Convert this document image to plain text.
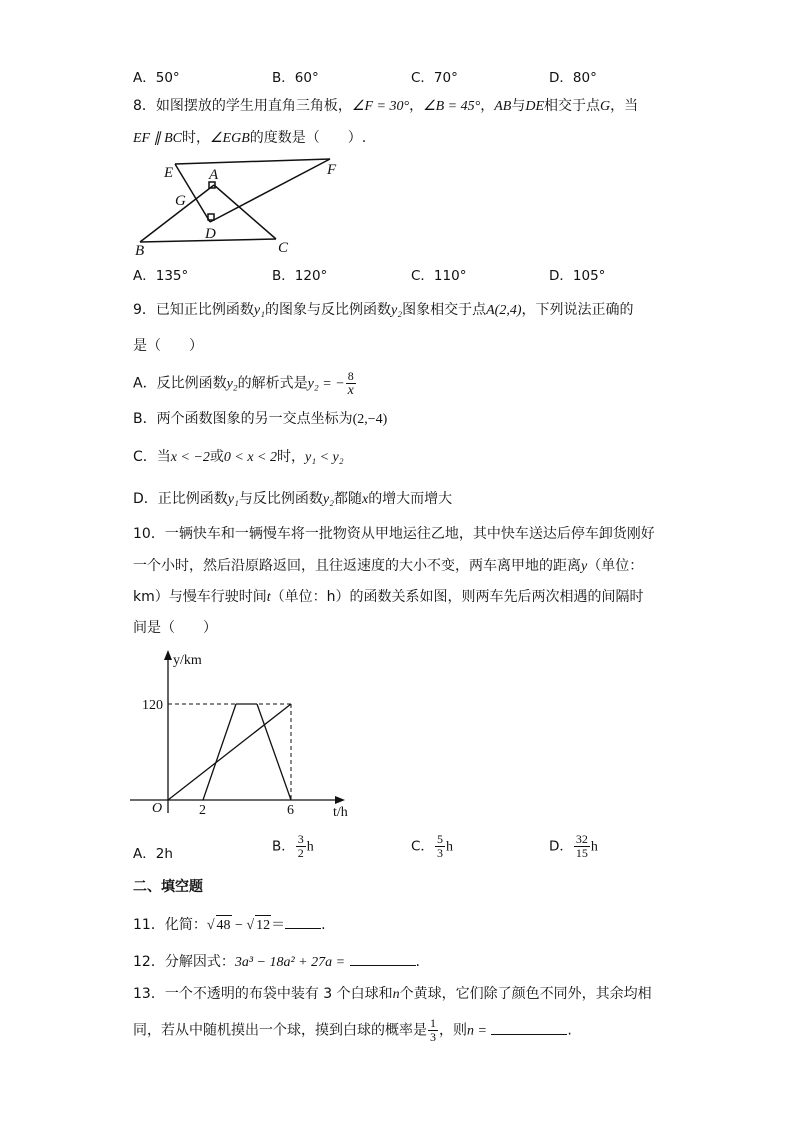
A．50°	B．60°	C．70°	D．80°
8．如图摆放的学生用直角三角板，∠F = 30°，∠B = 45°，AB与DE相交于点G，当
EF ∥ BC时，∠EGB的度数是（　　）.
E A	F
G
D
B	C
A．135°	B．120°	C．110°	D．105°
9．已知正比例函数y₁的图象与反比例函数y₂图象相交于点A(2,4)，下列说法正确的
是（　　）
A．反比例函数y₂的解析式是y₂ = − $\frac{8}{x}$
B．两个函数图象的另一交点坐标为(2,−4)
C．当x < −2或0 < x < 2时，y₁ < y₂
D．正比例函数y₁与反比例函数y₂都随x的增大而增大
10．一辆快车和一辆慢车将一批物资从甲地运往乙地，其中快车送达后停车卸货刚好
一个小时，然后沿原路返回，且往返速度的大小不变，两车离甲地的距离y（单位：
km）与慢车行驶时间t（单位：h）的函数关系如图，则两车先后两次相遇的间隔时
间是（　　）
y/km
120
O	2	6	t/h
A．2h	B． $\frac{3}{2}$ h	C． $\frac{5}{3}$ h	D． $\frac{32}{15}$ h
二、填空题
11．化简：√ 48 − √ 12＝	.
12．分解因式：3a³ − 18a² + 27a =	.
13．一个不透明的布袋中装有 3 个白球和n个黄球，它们除了颜色不同外，其余均相
同，若从中随机摸出一个球，摸到白球的概率是 $\frac{1}{3}$ ，则n =	.
